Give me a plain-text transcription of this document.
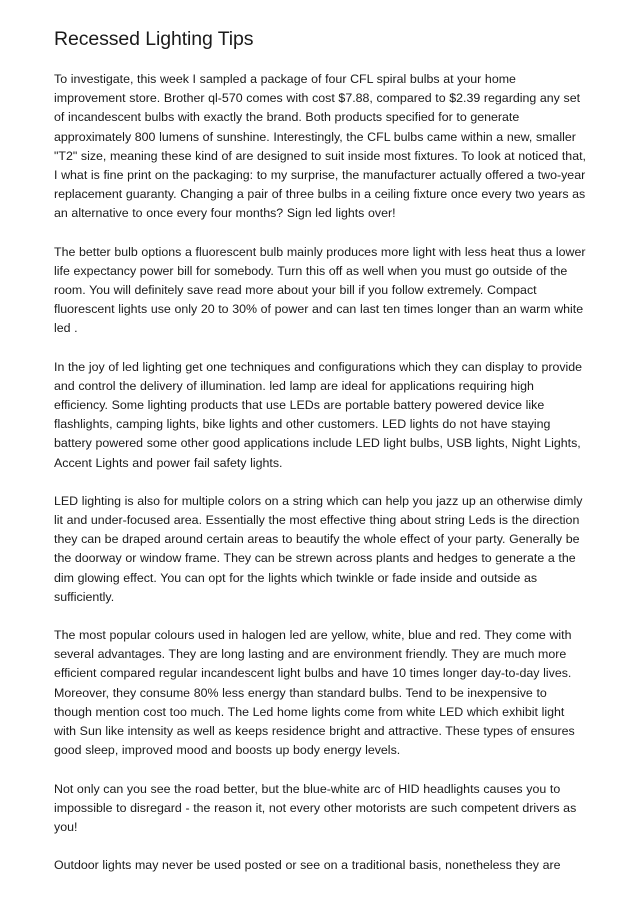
Recessed Lighting Tips

To investigate, this week I sampled a package of four CFL spiral bulbs at your home improvement store. Brother ql-570 comes with cost $7.88, compared to $2.39 regarding any set of incandescent bulbs with exactly the brand. Both products specified for to generate approximately 800 lumens of sunshine. Interestingly, the CFL bulbs came within a new, smaller "T2" size, meaning these kind of are designed to suit inside most fixtures. To look at noticed that, I what is fine print on the packaging: to my surprise, the manufacturer actually offered a two-year replacement guaranty. Changing a pair of three bulbs in a ceiling fixture once every two years as an alternative to once every four months? Sign led lights over!

The better bulb options a fluorescent bulb mainly produces more light with less heat thus a lower life expectancy power bill for somebody. Turn this off as well when you must go outside of the room. You will definitely save read more about your bill if you follow extremely. Compact fluorescent lights use only 20 to 30% of power and can last ten times longer than an warm white led .

In the joy of led lighting get one techniques and configurations which they can display to provide and control the delivery of illumination. led lamp are ideal for applications requiring high efficiency. Some lighting products that use LEDs are portable battery powered device like flashlights, camping lights, bike lights and other customers. LED lights do not have staying battery powered some other good applications include LED light bulbs, USB lights, Night Lights, Accent Lights and power fail safety lights.

LED lighting is also for multiple colors on a string which can help you jazz up an otherwise dimly lit and under-focused area. Essentially the most effective thing about string Leds is the direction they can be draped around certain areas to beautify the whole effect of your party. Generally be the doorway or window frame. They can be strewn across plants and hedges to generate a the dim glowing effect. You can opt for the lights which twinkle or fade inside and outside as sufficiently.

The most popular colours used in halogen led are yellow, white, blue and red. They come with several advantages. They are long lasting and are environment friendly. They are much more efficient compared regular incandescent light bulbs and have 10 times longer day-to-day lives. Moreover, they consume 80% less energy than standard bulbs. Tend to be inexpensive to though mention cost too much. The Led home lights come from white LED which exhibit light with Sun like intensity as well as keeps residence bright and attractive. These types of ensures good sleep, improved mood and boosts up body energy levels.

Not only can you see the road better, but the blue-white arc of HID headlights causes you to impossible to disregard - the reason it, not every other motorists are such competent drivers as you!

Outdoor lights may never be used posted or see on a traditional basis, nonetheless they are
